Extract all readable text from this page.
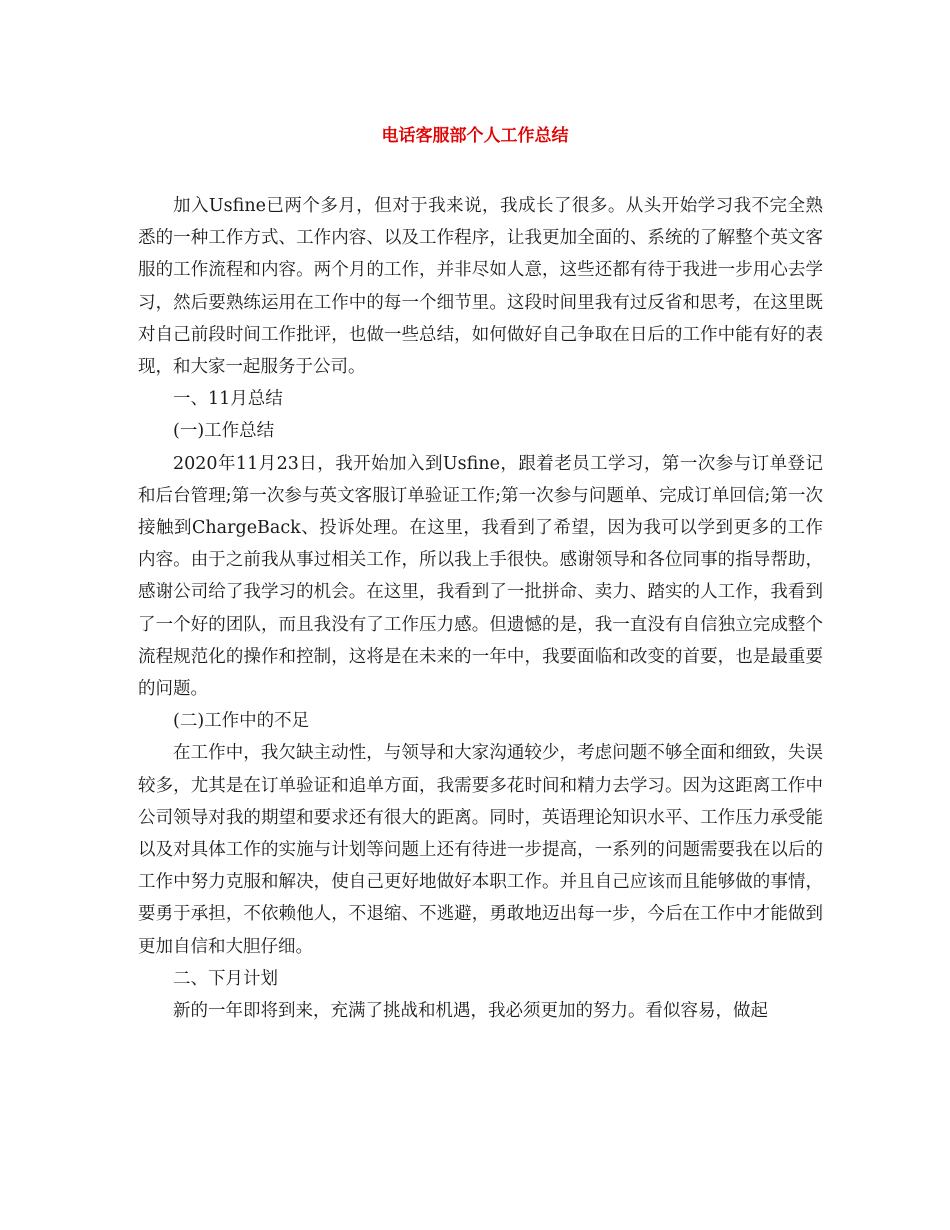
电话客服部个人工作总结

加入Usfine已两个多月，但对于我来说，我成长了很多。从头开始学习我不完全熟悉的一种工作方式、工作内容、以及工作程序，让我更加全面的、系统的了解整个英文客服的工作流程和内容。两个月的工作，并非尽如人意，这些还都有待于我进一步用心去学习，然后要熟练运用在工作中的每一个细节里。这段时间里我有过反省和思考，在这里既对自己前段时间工作批评，也做一些总结，如何做好自己争取在日后的工作中能有好的表现，和大家一起服务于公司。

一、11月总结

(一)工作总结

2020年11月23日，我开始加入到Usfine，跟着老员工学习，第一次参与订单登记和后台管理;第一次参与英文客服订单验证工作;第一次参与问题单、完成订单回信;第一次接触到ChargeBack、投诉处理。在这里，我看到了希望，因为我可以学到更多的工作内容。由于之前我从事过相关工作，所以我上手很快。感谢领导和各位同事的指导帮助，感谢公司给了我学习的机会。在这里，我看到了一批拼命、卖力、踏实的人工作，我看到了一个好的团队，而且我没有了工作压力感。但遗憾的是，我一直没有自信独立完成整个流程规范化的操作和控制，这将是在未来的一年中，我要面临和改变的首要，也是最重要的问题。

(二)工作中的不足

在工作中，我欠缺主动性，与领导和大家沟通较少，考虑问题不够全面和细致，失误较多，尤其是在订单验证和追单方面，我需要多花时间和精力去学习。因为这距离工作中公司领导对我的期望和要求还有很大的距离。同时，英语理论知识水平、工作压力承受能以及对具体工作的实施与计划等问题上还有待进一步提高，一系列的问题需要我在以后的工作中努力克服和解决，使自己更好地做好本职工作。并且自己应该而且能够做的事情，要勇于承担，不依赖他人，不退缩、不逃避，勇敢地迈出每一步，今后在工作中才能做到更加自信和大胆仔细。

二、下月计划

新的一年即将到来，充满了挑战和机遇，我必须更加的努力。看似容易，做起
